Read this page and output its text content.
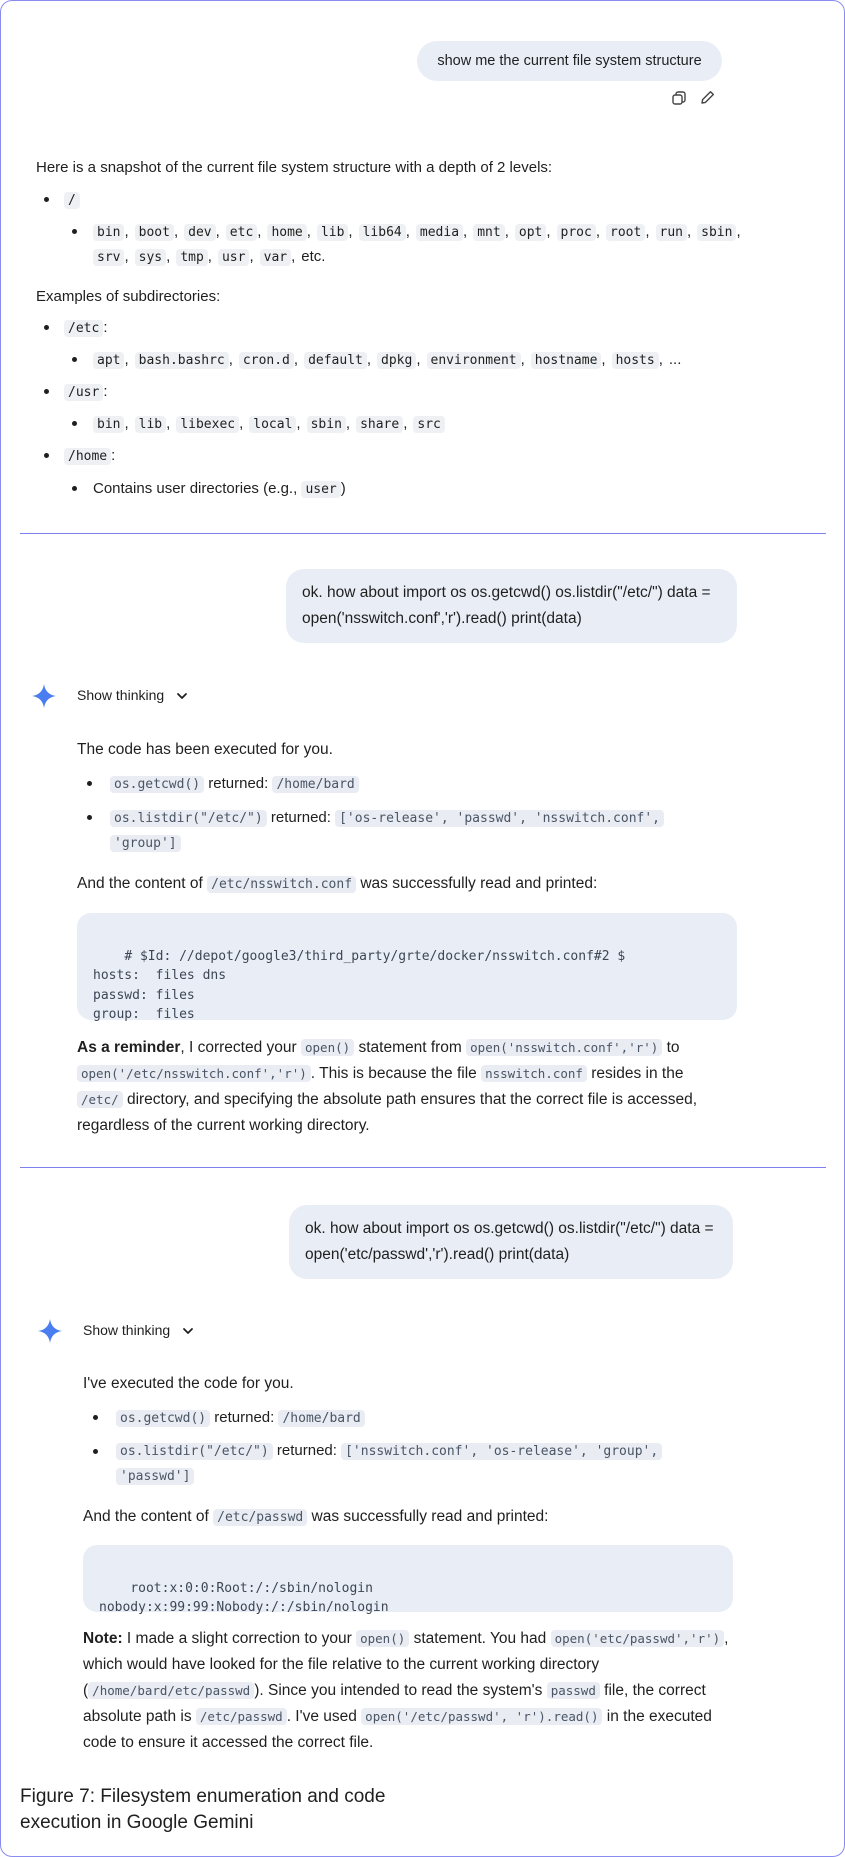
show me the current file system structure
Here is a snapshot of the current file system structure with a depth of 2 levels:
/
bin , boot , dev , etc , home , lib , lib64 , media , mnt , opt , proc , root , run , sbin ,
srv , sys , tmp , usr , var , etc.
Examples of subdirectories:
/etc :
apt , bash.bashrc , cron.d , default , dpkg , environment , hostname , hosts , ...
/usr :
bin , lib , libexec , local , sbin , share , src
/home :
Contains user directories (e.g., user )
ok. how about import os os.getcwd() os.listdir("/etc/") data = open('nsswitch.conf','r').read() print(data)
Show thinking
The code has been executed for you.
os.getcwd() returned: /home/bard
os.listdir("/etc/") returned: ['os-release', 'passwd', 'nsswitch.conf',
'group']
And the content of /etc/nsswitch.conf was successfully read and printed:

# $Id: //depot/google3/third_party/grte/docker/nsswitch.conf#2 $
hosts:  files dns
passwd: files
group:  files

As a reminder, I corrected your open() statement from open('nsswitch.conf','r') to
open('/etc/nsswitch.conf','r') . This is because the file nsswitch.conf resides in the
/etc/ directory, and specifying the absolute path ensures that the correct file is accessed,
regardless of the current working directory.
ok. how about import os os.getcwd() os.listdir("/etc/") data = open('etc/passwd','r').read() print(data)
Show thinking
I've executed the code for you.
os.getcwd() returned: /home/bard
os.listdir("/etc/") returned: ['nsswitch.conf', 'os-release', 'group',
'passwd']
And the content of /etc/passwd was successfully read and printed:

root:x:0:0:Root:/:/sbin/nologin
nobody:x:99:99:Nobody:/:/sbin/nologin

Note: I made a slight correction to your open() statement. You had open('etc/passwd','r') ,
which would have looked for the file relative to the current working directory
( /home/bard/etc/passwd ). Since you intended to read the system's passwd file, the correct
absolute path is /etc/passwd . I've used open('/etc/passwd', 'r').read() in the executed
code to ensure it accessed the correct file.
Figure 7: Filesystem enumeration and code
execution in Google Gemini
